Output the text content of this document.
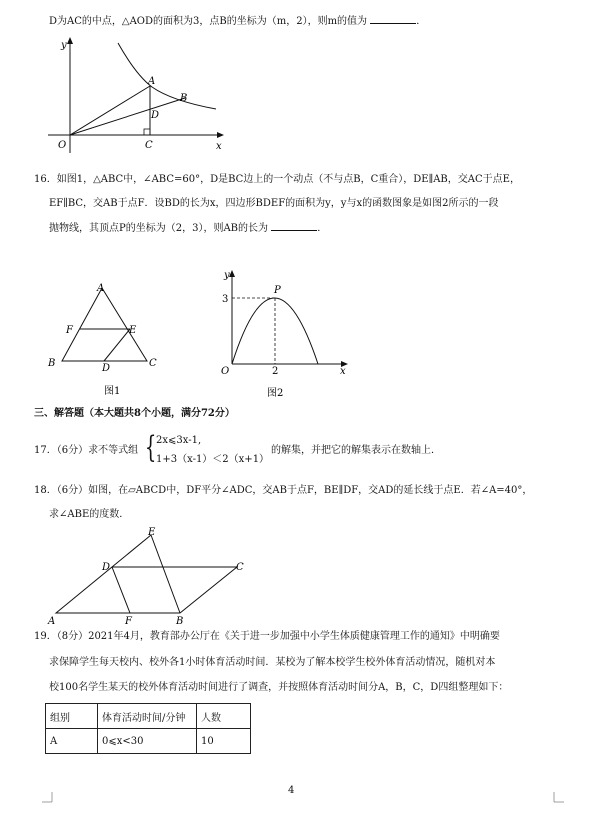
D为AC的中点，△AOD的面积为3，点B的坐标为（m，2），则m的值为	．
y
x
O
A
B
C
D
16．如图1，△ABC中，∠ABC=60°，D是BC边上的一个动点（不与点B，C重合），DE∥AB，交AC于点E，
EF∥BC，交AB于点F．设BD的长为x，四边形BDEF的面积为y，y与x的函数图象是如图2所示的一段
抛物线，其顶点P的坐标为（2，3），则AB的长为	．
A
F	E
B	D	C
图1
y
x
O
P
3
2
图2
三、解答题（本大题共8个小题，满分72分）
17．（6分）求不等式组 { 2x⩽3x-1,
1+3（x-1）＜2（x+1）
的解集，并把它的解集表示在数轴上．
18．（6分）如图，在▱ABCD中，DF平分∠ADC，交AB于点F，BE∥DF，交AD的延长线于点E．若∠A=40°，
求∠ABE的度数．
E
D	C
A	F	B
19．（8分）2021年4月，教育部办公厅在《关于进一步加强中小学生体质健康管理工作的通知》中明确要
求保障学生每天校内、校外各1小时体育活动时间．某校为了解本校学生校外体育活动情况，随机对本
校100名学生某天的校外体育活动时间进行了调查，并按照体育活动时间分A，B，C，D四组整理如下：
组别	体育活动时间/分钟	人数
A	0⩽x<30	10
4
